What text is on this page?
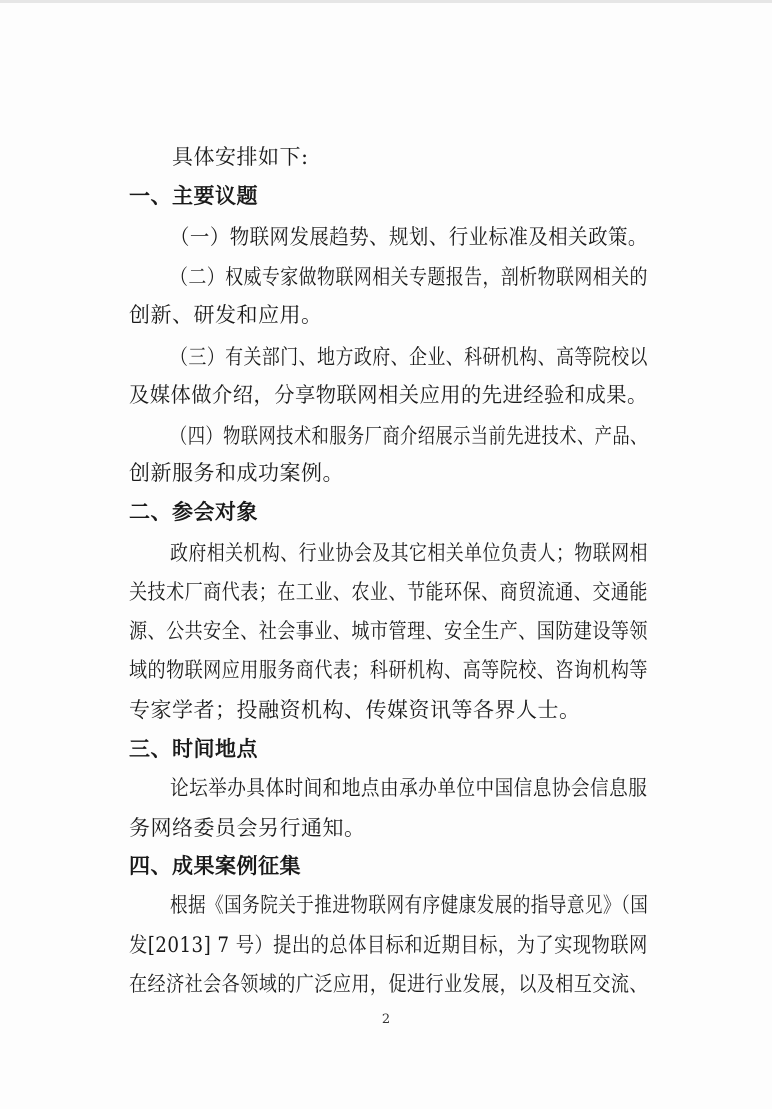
具体安排如下:
一、主要议题
（一）物联网发展趋势、规划、行业标准及相关政策。
（二）权威专家做物联网相关专题报告，剖析物联网相关的
创新、研发和应用。
（三）有关部门、地方政府、企业、科研机构、高等院校以
及媒体做介绍，分享物联网相关应用的先进经验和成果。
（四）物联网技术和服务厂商介绍展示当前先进技术、产品、
创新服务和成功案例。
二、参会对象
政府相关机构、行业协会及其它相关单位负责人；物联网相
关技术厂商代表；在工业、农业、节能环保、商贸流通、交通能
源、公共安全、社会事业、城市管理、安全生产、国防建设等领
域的物联网应用服务商代表；科研机构、高等院校、咨询机构等
专家学者；投融资机构、传媒资讯等各界人士。
三、时间地点
论坛举办具体时间和地点由承办单位中国信息协会信息服
务网络委员会另行通知。
四、成果案例征集
根据《国务院关于推进物联网有序健康发展的指导意见》（国
发[2013] 7 号）提出的总体目标和近期目标，为了实现物联网
在经济社会各领域的广泛应用，促进行业发展，以及相互交流、
2
